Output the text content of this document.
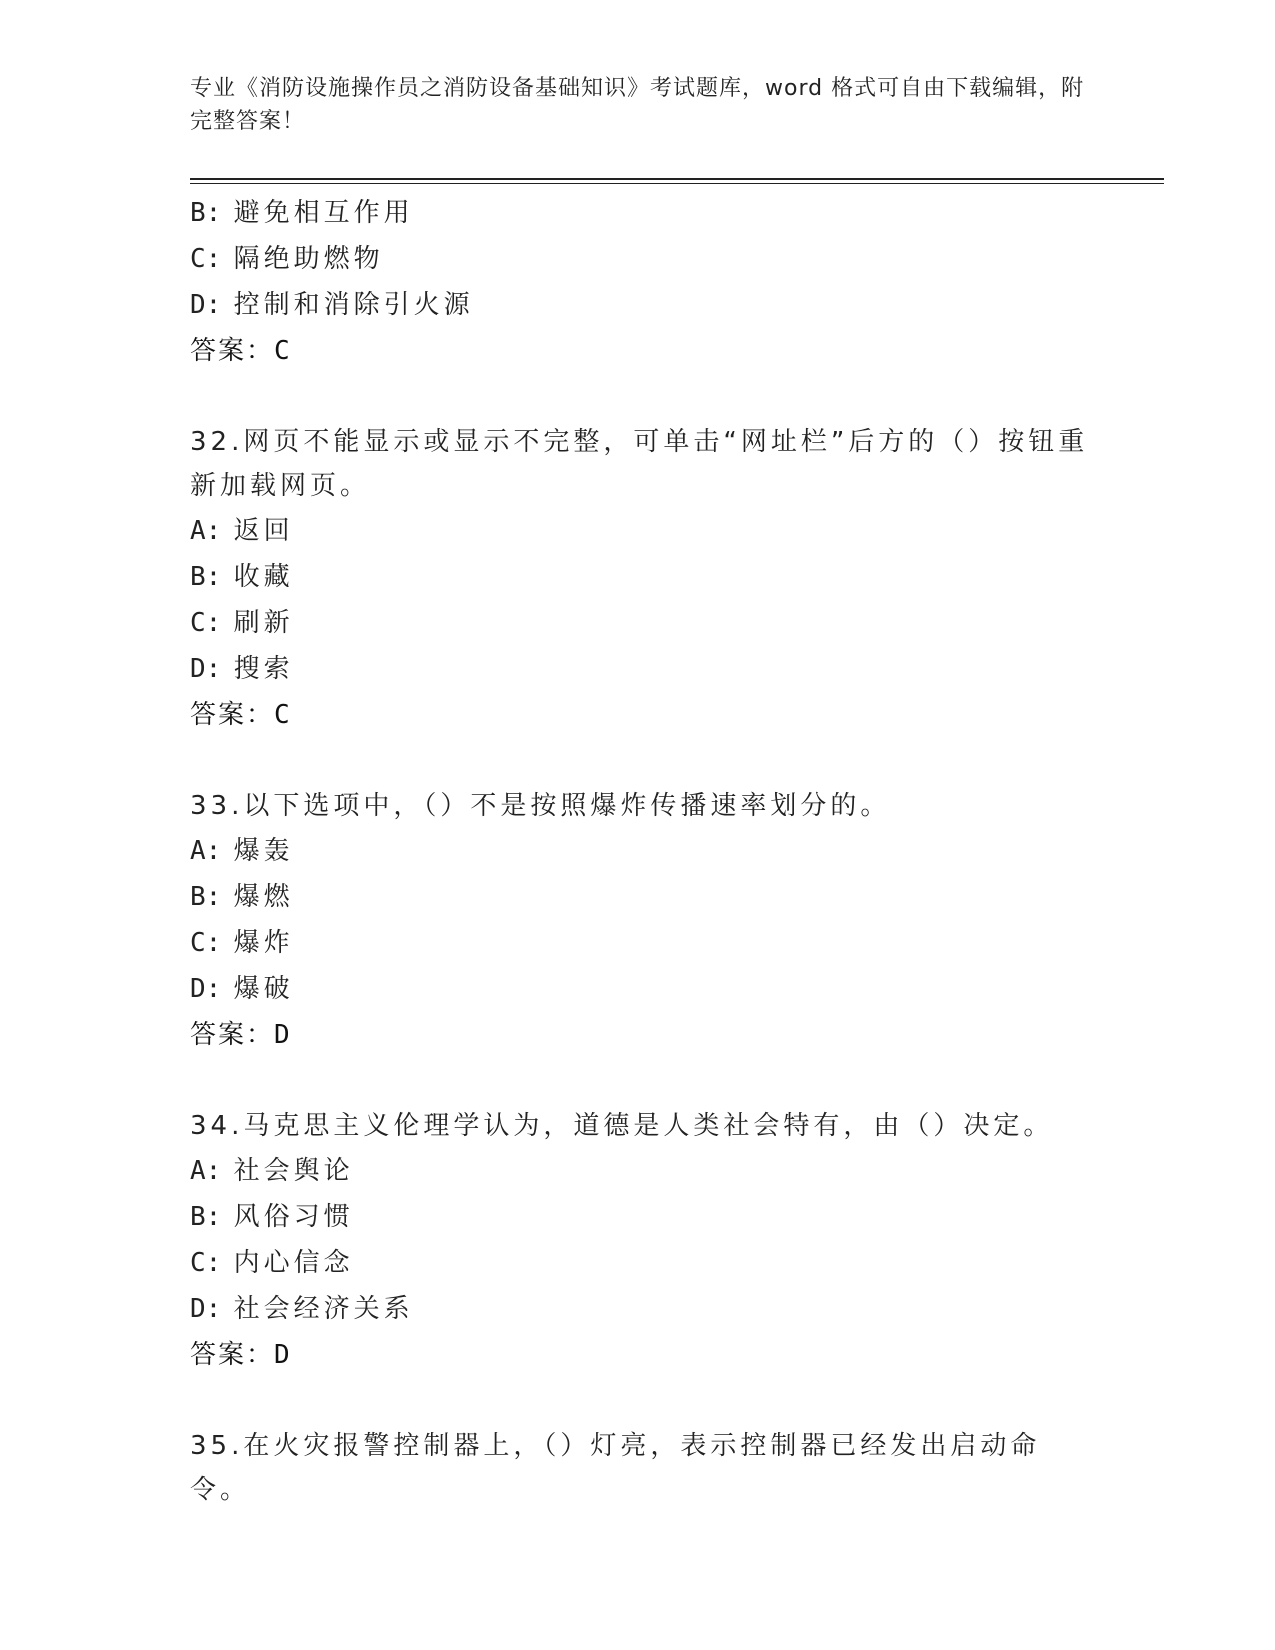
专业《消防设施操作员之消防设备基础知识》考试题库，word 格式可自由下载编辑，附完整答案！
B: 避免相互作用
C: 隔绝助燃物
D: 控制和消除引火源
答案：C
32.网页不能显示或显示不完整，可单击“网址栏”后方的（）按钮重新加载网页。
A: 返回
B: 收藏
C: 刷新
D: 搜索
答案：C
33.以下选项中，（）不是按照爆炸传播速率划分的。
A: 爆轰
B: 爆燃
C: 爆炸
D: 爆破
答案：D
34.马克思主义伦理学认为，道德是人类社会特有，由（）决定。
A: 社会舆论
B: 风俗习惯
C: 内心信念
D: 社会经济关系
答案：D
35.在火灾报警控制器上，（）灯亮，表示控制器已经发出启动命令。
